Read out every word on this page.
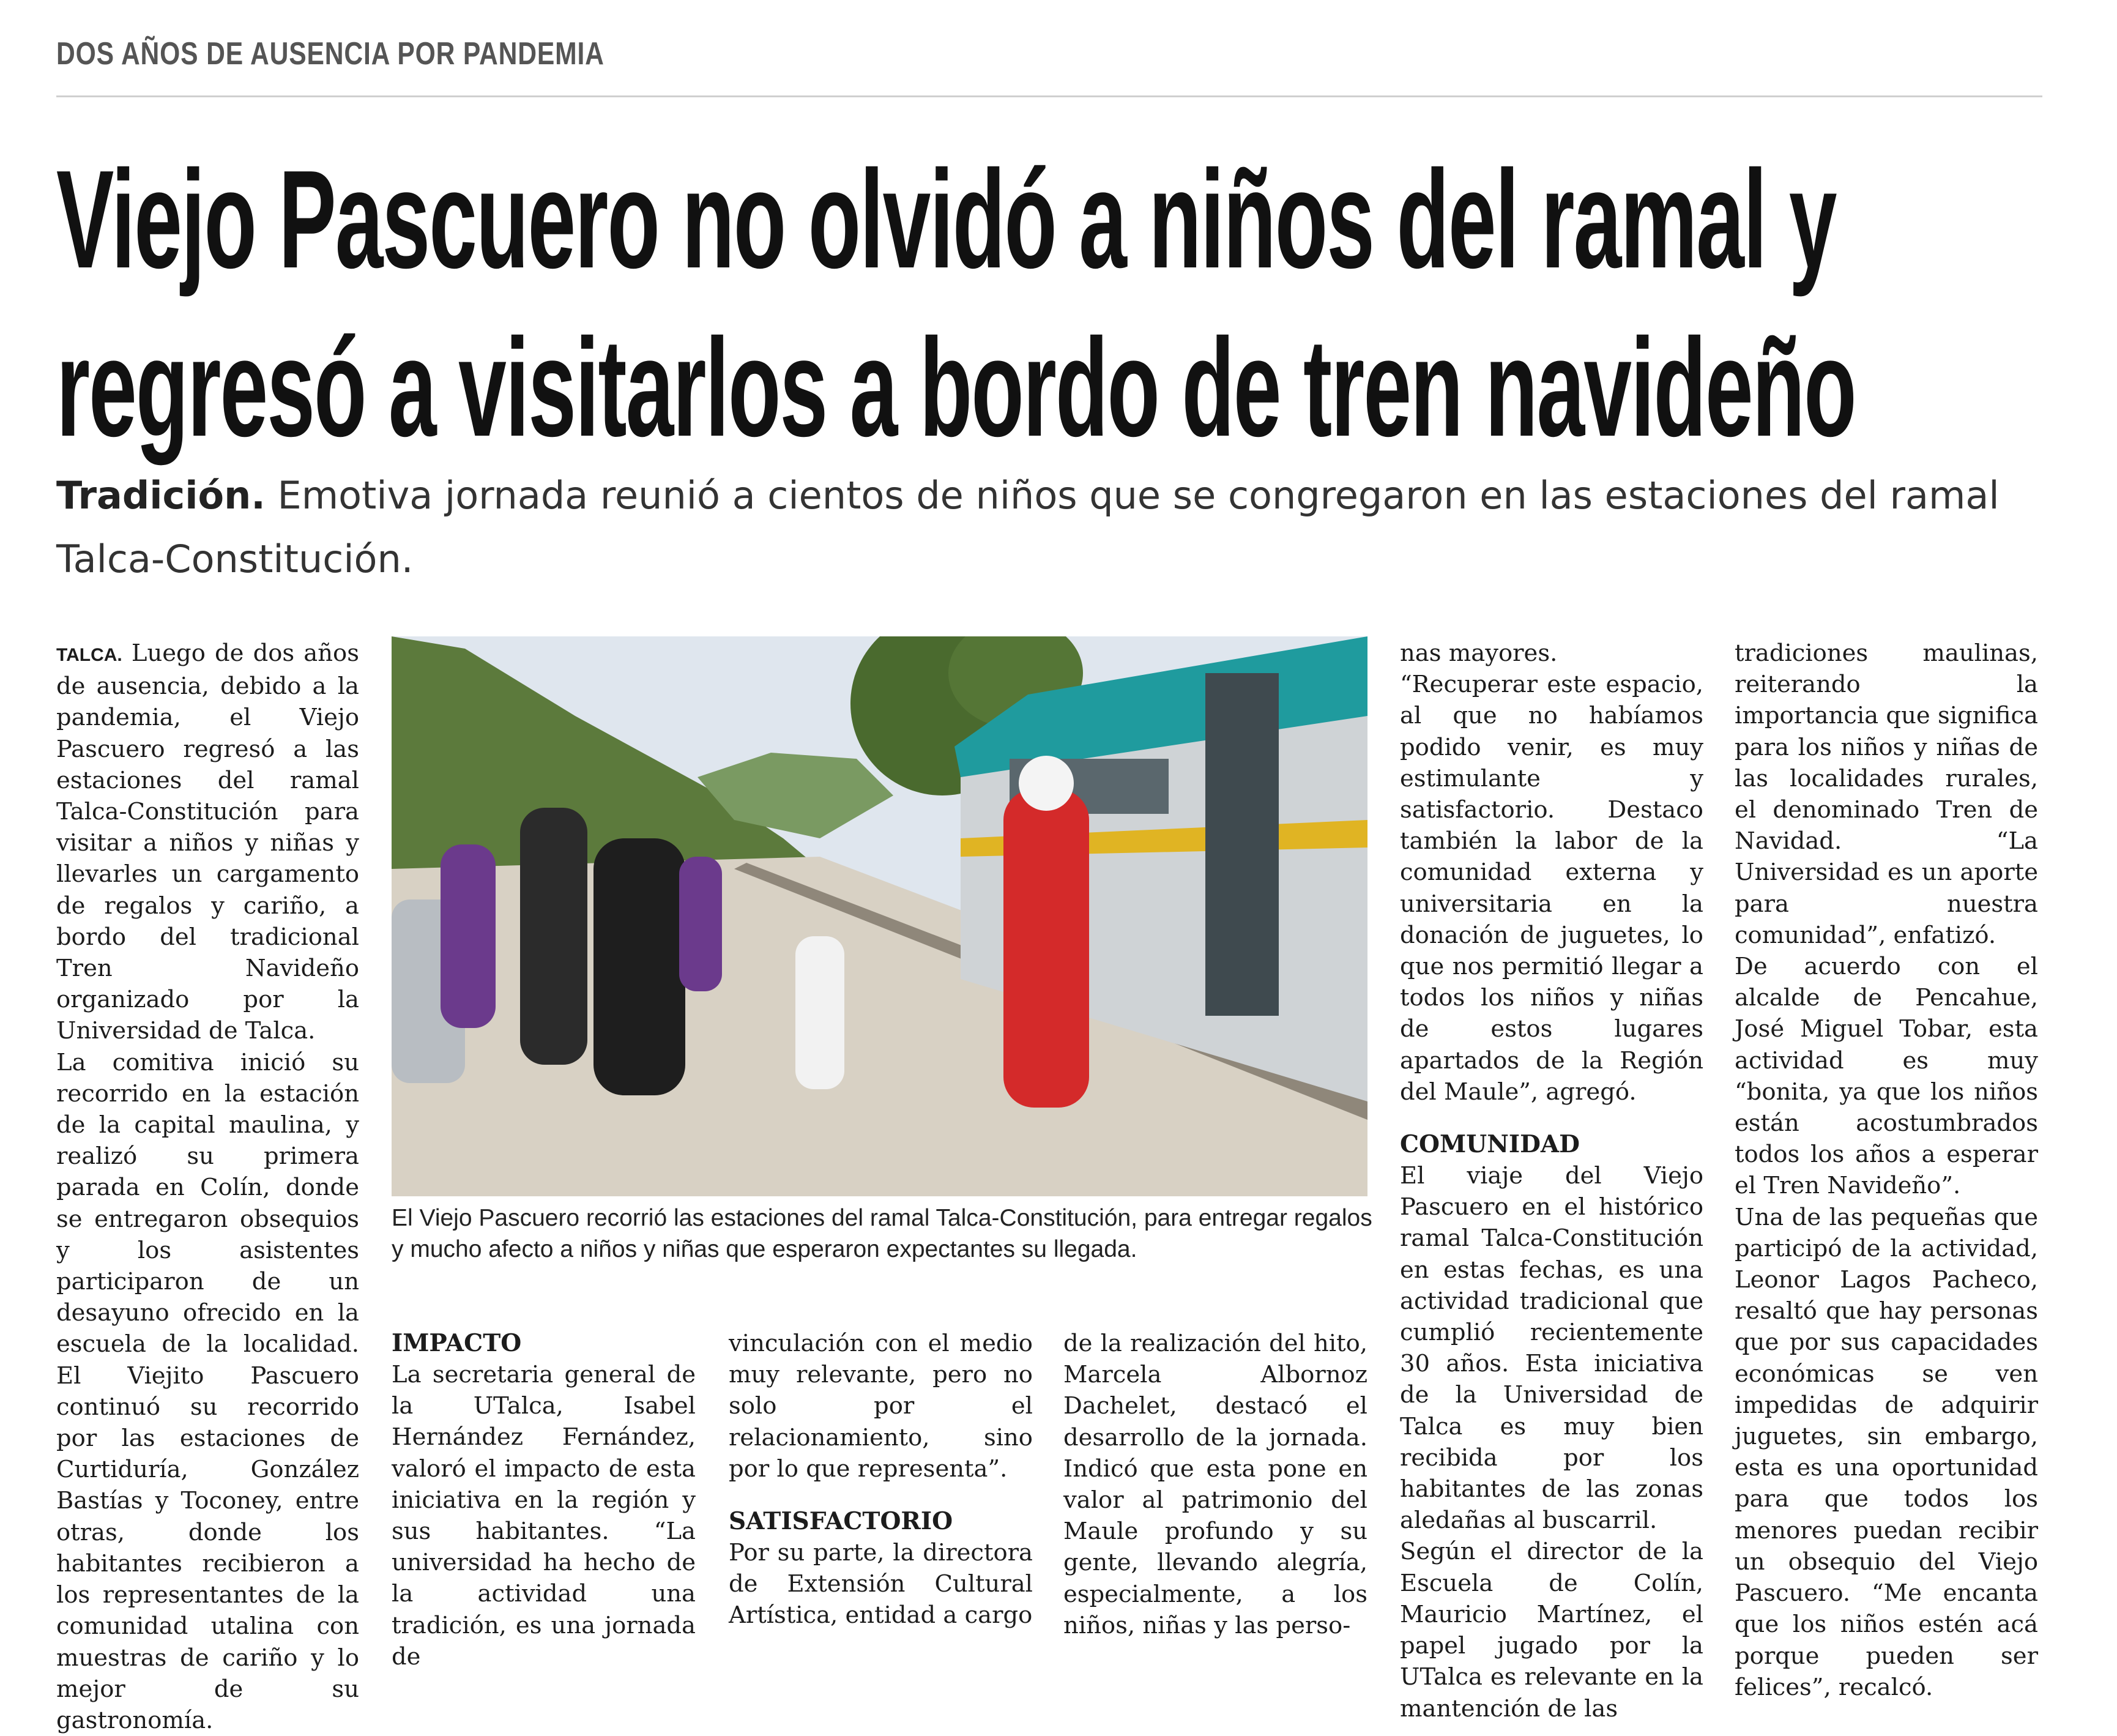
DOS AÑOS DE AUSENCIA POR PANDEMIA
Viejo Pascuero no olvidó a niños del ramal y
regresó a visitarlos a bordo de tren navideño

Tradición. Emotiva jornada reunió a cientos de niños que se congregaron en las estaciones del ramal Talca-Constitución.

TALCA. Luego de dos años de ausencia, debido a la pandemia, el Viejo Pascuero regresó a las estaciones del ramal Talca-Constitución para visitar a niños y niñas y llevarles un cargamento de regalos y cariño, a bordo del tradicional Tren Navideño organizado por la Universidad de Talca.

La comitiva inició su recorrido en la estación de la capital maulina, y realizó su primera parada en Colín, donde se entregaron obsequios y los asistentes participaron de un desayuno ofrecido en la escuela de la localidad. El Viejito Pascuero continuó su recorrido por las estaciones de Curtiduría, González Bastías y Toconey, entre otras, donde los habitantes recibieron a los representantes de la comunidad utalina con muestras de cariño y lo mejor de su gastronomía.

El Viejo Pascuero recorrió las estaciones del ramal Talca-Constitución, para entregar regalos y mucho afecto a niños y niñas que esperaron expectantes su llegada.

IMPACTO

La secretaria general de la UTalca, Isabel Hernández Fernández, valoró el impacto de esta iniciativa en la región y sus habitantes. “La universidad ha hecho de la actividad una tradición, es una jornada de

vinculación con el medio muy relevante, pero no solo por el relacionamiento, sino por lo que representa”.

SATISFACTORIO

Por su parte, la directora de Extensión Cultural Artística, entidad a cargo

de la realización del hito, Marcela Albornoz Dachelet, destacó el desarrollo de la jornada. Indicó que esta pone en valor al patrimonio del Maule profundo y su gente, llevando alegría, especialmente, a los niños, niñas y las perso-

nas mayores.

“Recuperar este espacio, al que no habíamos podido venir, es muy estimulante y satisfactorio. Destaco también la labor de la comunidad externa y universitaria en la donación de juguetes, lo que nos permitió llegar a todos los niños y niñas de estos lugares apartados de la Región del Maule”, agregó.

COMUNIDAD

El viaje del Viejo Pascuero en el histórico ramal Talca-Constitución en estas fechas, es una actividad tradicional que cumplió recientemente 30 años. Esta iniciativa de la Universidad de Talca es muy bien recibida por los habitantes de las zonas aledañas al buscarril.

Según el director de la Escuela de Colín, Mauricio Martínez, el papel jugado por la UTalca es relevante en la mantención de las

tradiciones maulinas, reiterando la importancia que significa para los niños y niñas de las localidades rurales, el denominado Tren de Navidad. “La Universidad es un aporte para nuestra comunidad”, enfatizó.

De acuerdo con el alcalde de Pencahue, José Miguel Tobar, esta actividad es muy “bonita, ya que los niños están acostumbrados todos los años a esperar el Tren Navideño”.

Una de las pequeñas que participó de la actividad, Leonor Lagos Pacheco, resaltó que hay personas que por sus capacidades económicas se ven impedidas de adquirir juguetes, sin embargo, esta es una oportunidad para que todos los menores puedan recibir un obsequio del Viejo Pascuero. “Me encanta que los niños estén acá porque pueden ser felices”, recalcó.
